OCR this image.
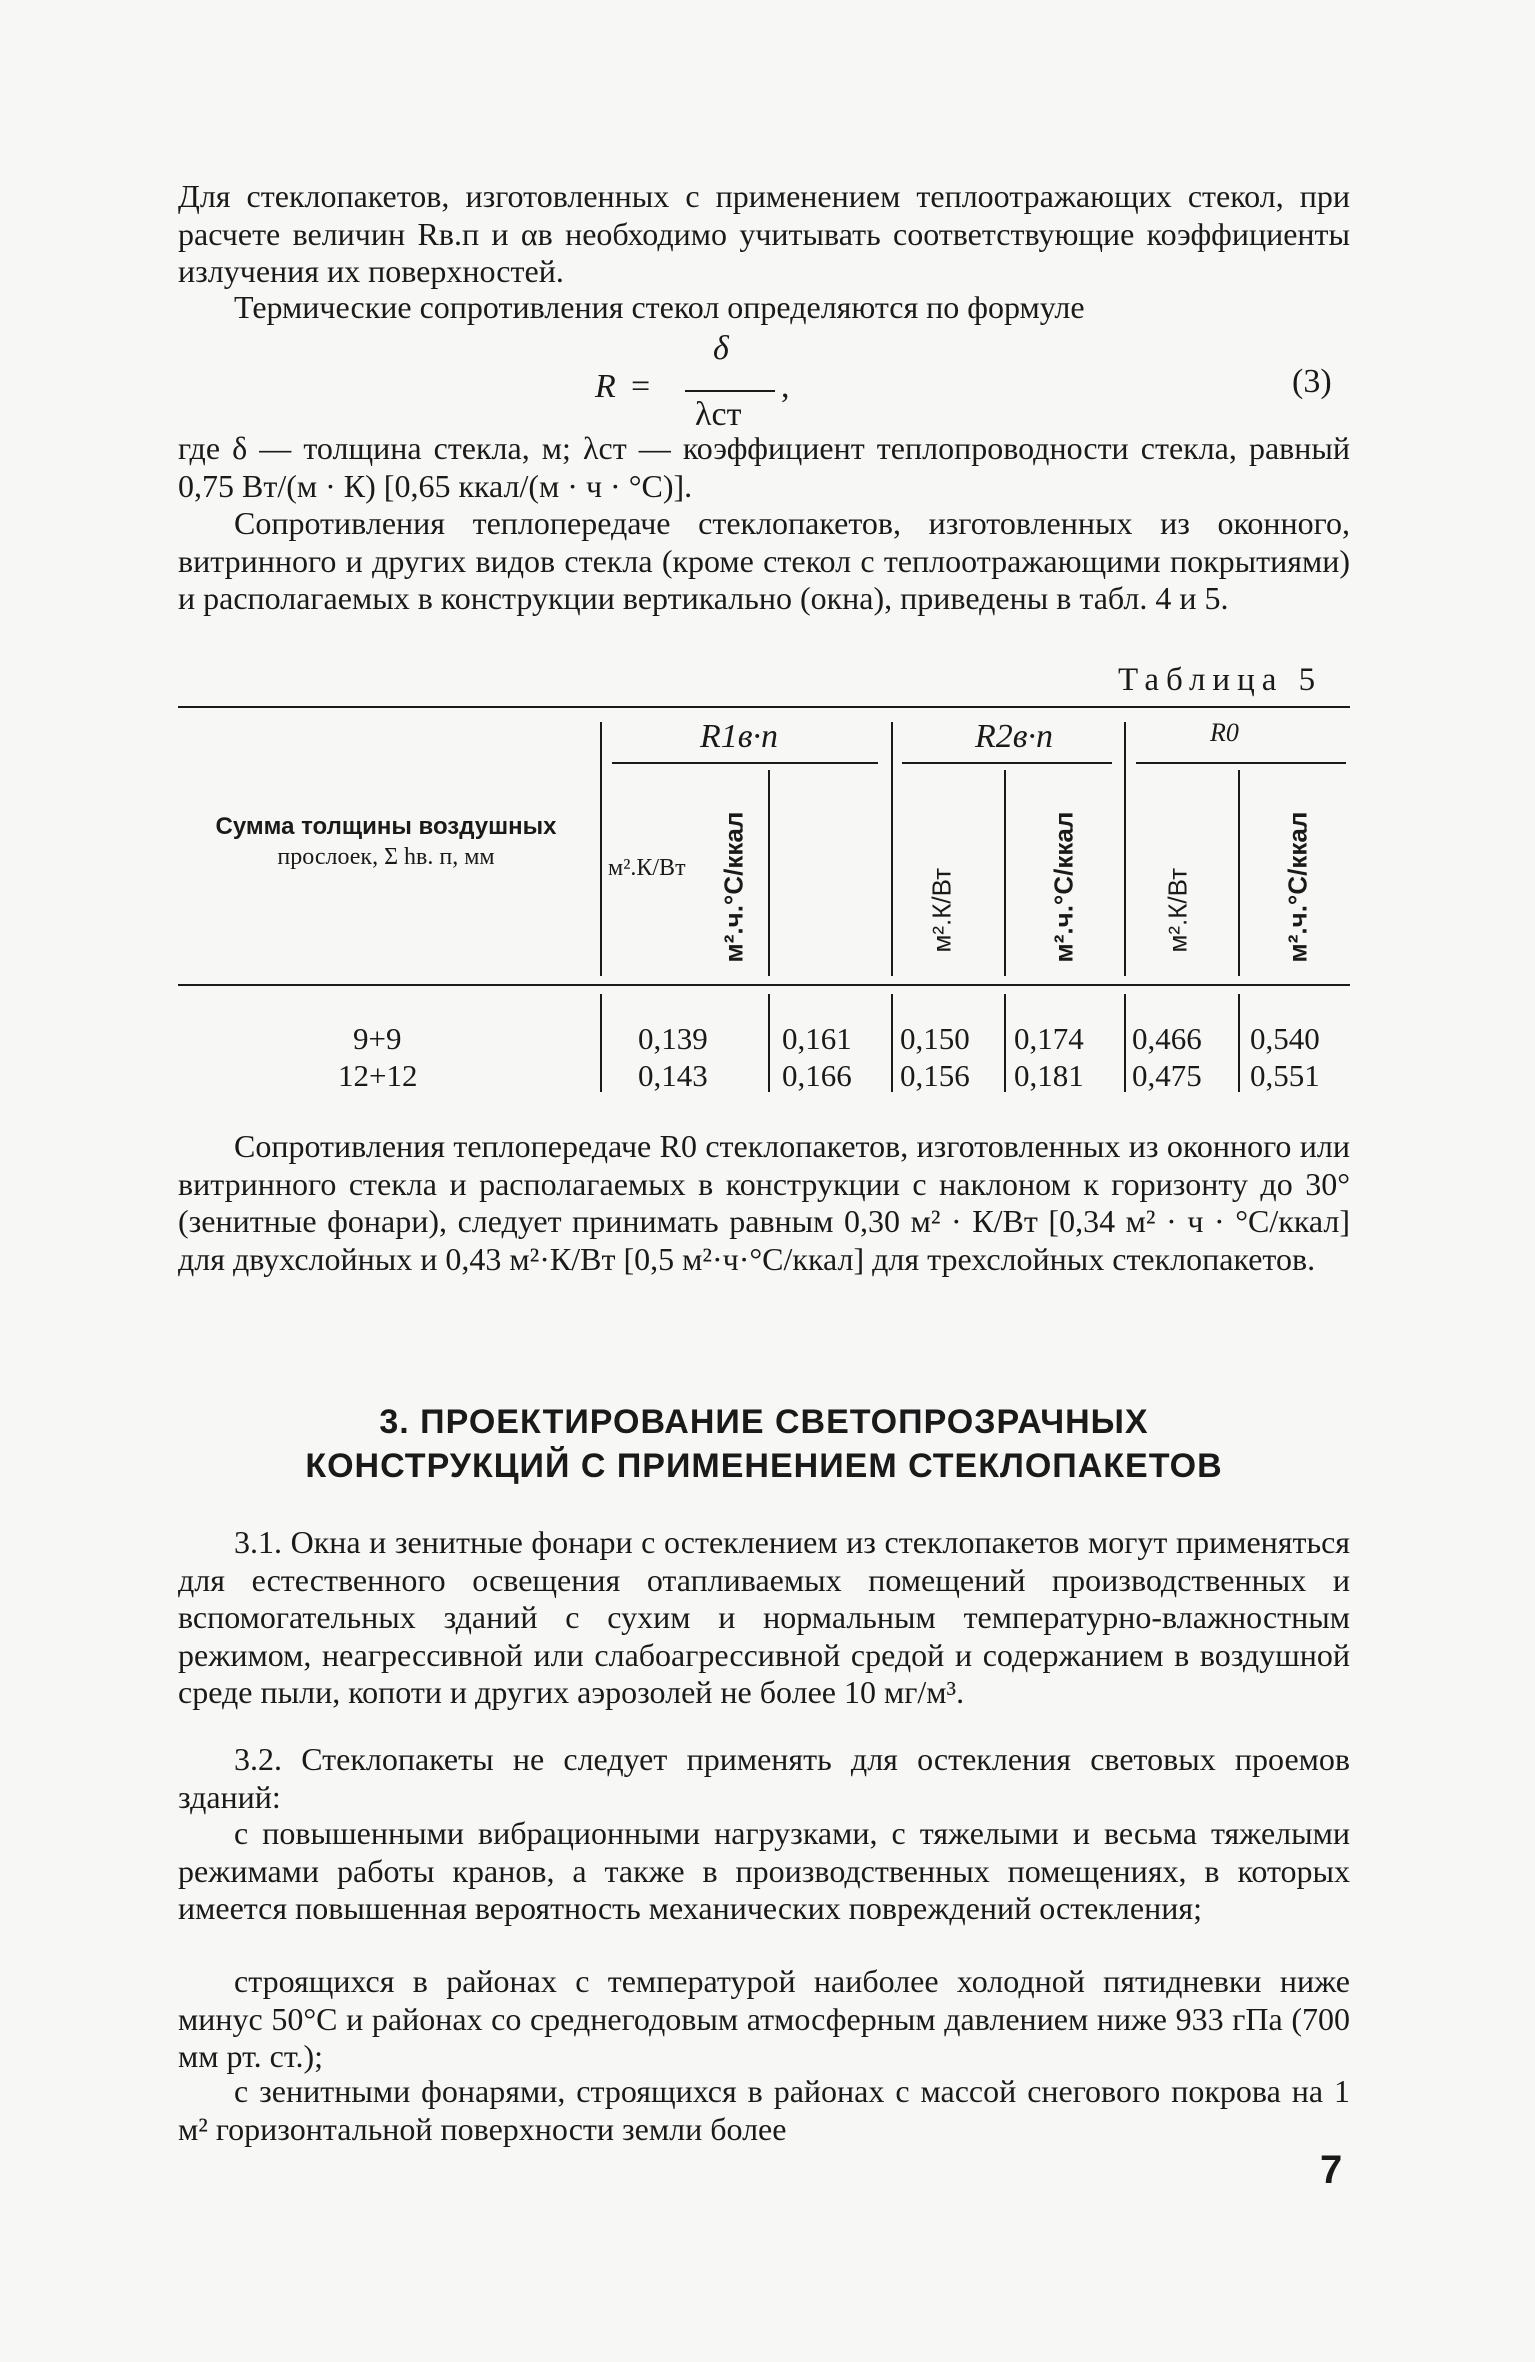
Для стеклопакетов, изготовленных с применением теплоотражающих стекол, при расчете величин Rв.п и αв необходимо учитывать соответствующие коэффициенты излучения их поверхностей.

Термические сопротивления стекол определяются по формуле

R =
δ
λст
,	(3)

где δ — толщина стекла, м; λст — коэффициент теплопроводности стекла, равный 0,75 Вт/(м · К) [0,65 ккал/(м · ч · °С)].

Сопротивления теплопередаче стеклопакетов, изготовленных из оконного, витринного и других видов стекла (кроме стекол с теплоотражающими покрытиями) и располагаемых в конструкции вертикально (окна), приведены в табл. 4 и 5.

Таблица 5
Сумма толщины воздушных
прослоек, Σ hв. п, мм
R1в·п	R2в·п	R0
м².К/Вт м².ч.°С/ккал	м².К/Вт	м².ч.°С/ккал	м².К/Вт	м².ч.°С/ккал
9+9	0,139 0,161 0,150 0,174 0,466 0,540
12+12	0,143 0,166 0,156 0,181 0,475 0,551

Сопротивления теплопередаче R0 стеклопакетов, изготовленных из оконного или витринного стекла и располагаемых в конструкции с наклоном к горизонту до 30° (зенитные фонари), следует принимать равным 0,30 м² · К/Вт [0,34 м² · ч · °С/ккал] для двухслойных и 0,43 м²·К/Вт [0,5 м²·ч·°С/ккал] для трехслойных стеклопакетов.

3. ПРОЕКТИРОВАНИЕ СВЕТОПРОЗРАЧНЫХ
КОНСТРУКЦИЙ С ПРИМЕНЕНИЕМ СТЕКЛОПАКЕТОВ

3.1. Окна и зенитные фонари с остеклением из стеклопакетов могут применяться для естественного освещения отапливаемых помещений производственных и вспомогательных зданий с сухим и нормальным температурно-влажностным режимом, неагрессивной или слабоагрессивной средой и содержанием в воздушной среде пыли, копоти и других аэрозолей не более 10 мг/м³.

3.2. Стеклопакеты не следует применять для остекления световых проемов зданий:

с повышенными вибрационными нагрузками, с тяжелыми и весьма тяжелыми режимами работы кранов, а также в производственных помещениях, в которых имеется повышенная вероятность механических повреждений остекления;

строящихся в районах с температурой наиболее холодной пятидневки ниже минус 50°С и районах со среднегодовым атмосферным давлением ниже 933 гПа (700 мм рт. ст.);

с зенитными фонарями, строящихся в районах с массой снегового покрова на 1 м² горизонтальной поверхности земли более

7
